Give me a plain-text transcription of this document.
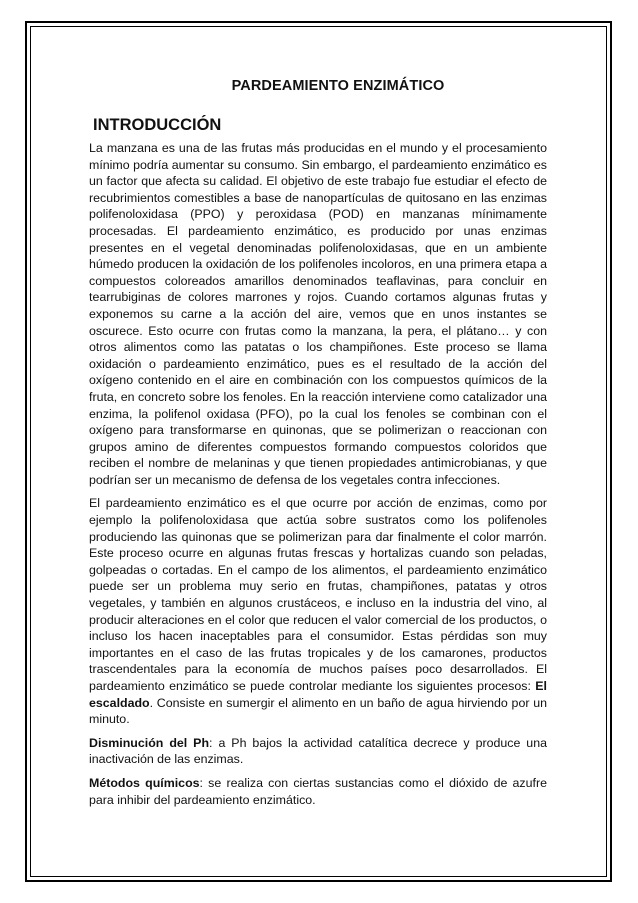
PARDEAMIENTO ENZIMÁTICO
INTRODUCCIÓN

La manzana es una de las frutas más producidas en el mundo y el procesamiento mínimo podría aumentar su consumo. Sin embargo, el pardeamiento enzimático es un factor que afecta su calidad. El objetivo de este trabajo fue estudiar el efecto de recubrimientos comestibles a base de nanopartículas de quitosano en las enzimas polifenoloxidasa (PPO) y peroxidasa (POD) en manzanas mínimamente procesadas. El pardeamiento enzimático, es producido por unas enzimas presentes en el vegetal denominadas polifenoloxidasas, que en un ambiente húmedo producen la oxidación de los polifenoles incoloros, en una primera etapa a compuestos coloreados amarillos denominados teaflavinas, para concluir en tearrubiginas de colores marrones y rojos. Cuando cortamos algunas frutas y exponemos su carne a la acción del aire, vemos que en unos instantes se oscurece. Esto ocurre con frutas como la manzana, la pera, el plátano… y con otros alimentos como las patatas o los champiñones. Este proceso se llama oxidación o pardeamiento enzimático, pues es el resultado de la acción del oxígeno contenido en el aire en combinación con los compuestos químicos de la fruta, en concreto sobre los fenoles. En la reacción interviene como catalizador una enzima, la polifenol oxidasa (PFO), po la cual los fenoles se combinan con el oxígeno para transformarse en quinonas, que se polimerizan o reaccionan con grupos amino de diferentes compuestos formando compuestos coloridos que reciben el nombre de melaninas y que tienen propiedades antimicrobianas, y que podrían ser un mecanismo de defensa de los vegetales contra infecciones.

El pardeamiento enzimático es el que ocurre por acción de enzimas, como por ejemplo la polifenoloxidasa que actúa sobre sustratos como los polifenoles produciendo las quinonas que se polimerizan para dar finalmente el color marrón. Este proceso ocurre en algunas frutas frescas y hortalizas cuando son peladas, golpeadas o cortadas. En el campo de los alimentos, el pardeamiento enzimático puede ser un problema muy serio en frutas, champiñones, patatas y otros vegetales, y también en algunos crustáceos, e incluso en la industria del vino, al producir alteraciones en el color que reducen el valor comercial de los productos, o incluso los hacen inaceptables para el consumidor. Estas pérdidas son muy importantes en el caso de las frutas tropicales y de los camarones, productos trascendentales para la economía de muchos países poco desarrollados. El pardeamiento enzimático se puede controlar mediante los siguientes procesos: El escaldado. Consiste en sumergir el alimento en un baño de agua hirviendo por un minuto.

Disminución del Ph: a Ph bajos la actividad catalítica decrece y produce una inactivación de las enzimas.

Métodos químicos: se realiza con ciertas sustancias como el dióxido de azufre para inhibir del pardeamiento enzimático.
